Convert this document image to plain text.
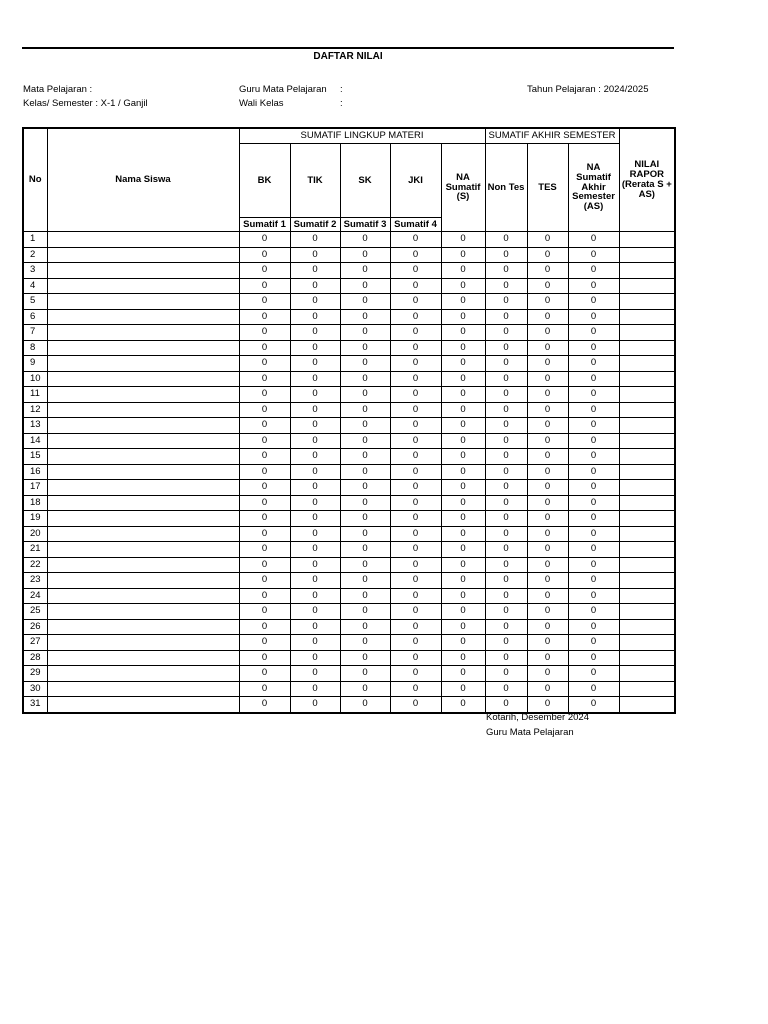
DAFTAR NILAI
Mata Pelajaran :
Kelas/ Semester : X-1 / Ganjil
Guru Mata Pelajaran :
Wali Kelas	:
Tahun Pelajaran : 2024/2025
No	Nama Siswa	SUMATIF LINGKUP MATERI					SUMATIF AKHIR SEMESTER			NILAI RAPOR (Rerata S + AS)
		BK	TIK	SK	JKI	NA Sumatif (S)	Non Tes	TES	NA Sumatif Akhir Semester (AS)	
		Sumatif 1	Sumatif 2	Sumatif 3	Sumatif 4					
1		0	0	0	0	0	0	0	0	
2		0	0	0	0	0	0	0	0	
3		0	0	0	0	0	0	0	0	
4		0	0	0	0	0	0	0	0	
5		0	0	0	0	0	0	0	0	
6		0	0	0	0	0	0	0	0	
7		0	0	0	0	0	0	0	0	
8		0	0	0	0	0	0	0	0	
9		0	0	0	0	0	0	0	0	
10		0	0	0	0	0	0	0	0	
11		0	0	0	0	0	0	0	0	
12		0	0	0	0	0	0	0	0	
13		0	0	0	0	0	0	0	0	
14		0	0	0	0	0	0	0	0	
15		0	0	0	0	0	0	0	0	
16		0	0	0	0	0	0	0	0	
17		0	0	0	0	0	0	0	0	
18		0	0	0	0	0	0	0	0	
19		0	0	0	0	0	0	0	0	
20		0	0	0	0	0	0	0	0	
21		0	0	0	0	0	0	0	0	
22		0	0	0	0	0	0	0	0	
23		0	0	0	0	0	0	0	0	
24		0	0	0	0	0	0	0	0	
25		0	0	0	0	0	0	0	0	
26		0	0	0	0	0	0	0	0	
27		0	0	0	0	0	0	0	0	
28		0	0	0	0	0	0	0	0	
29		0	0	0	0	0	0	0	0	
30		0	0	0	0	0	0	0	0	
31		0	0	0	0	0	0	0	0	
Kotarih, Desember 2024
Guru Mata Pelajaran
